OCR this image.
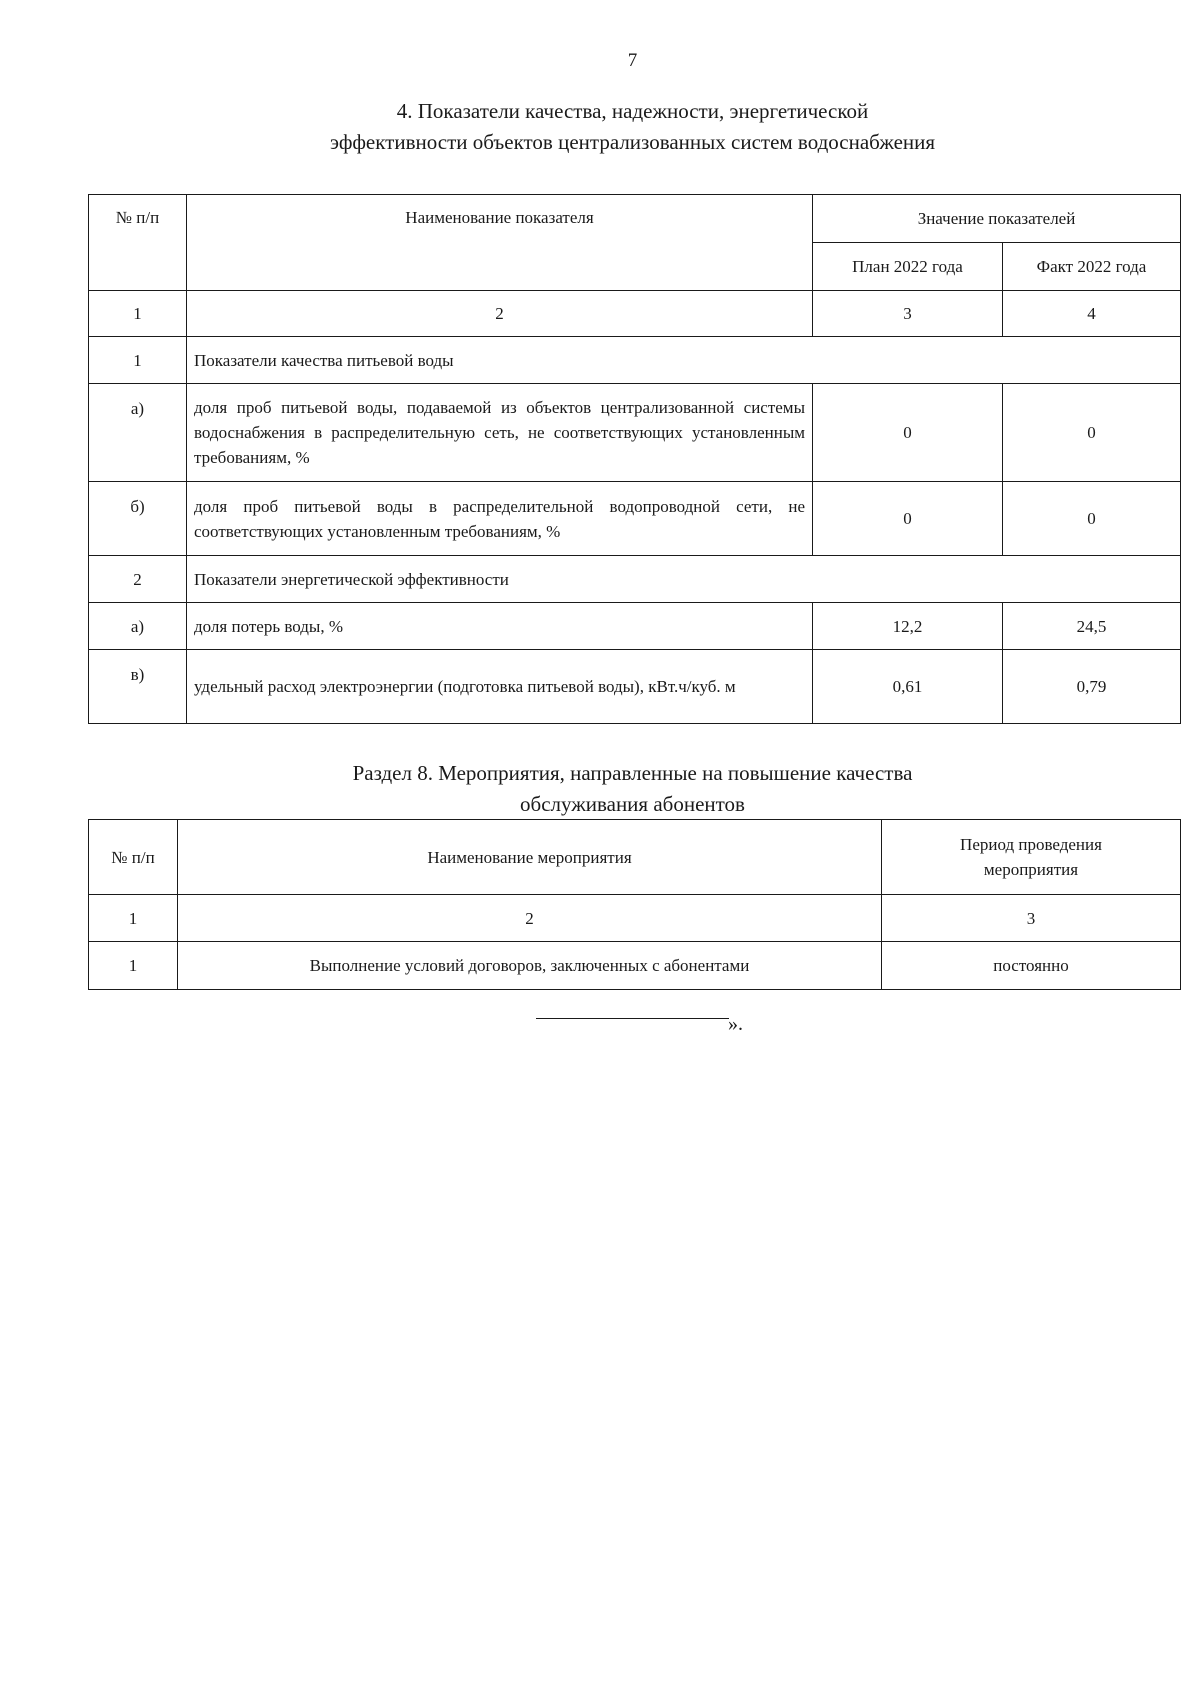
7
4. Показатели качества, надежности, энергетической
эффективности объектов централизованных систем водоснабжения
№ п/п	Наименование показателя	Значение показателей	
		План 2022 года	Факт 2022 года
1	2	3	4
1	Показатели качества питьевой воды		
а)	доля проб питьевой воды, подаваемой из объектов централизованной системы водоснабжения в распределительную сеть, не соответствующих установленным требованиям, %	0	0
б)	доля проб питьевой воды в распределительной водопроводной сети, не соответствующих установленным требованиям, %	0	0
2	Показатели энергетической эффективности		
а)	доля потерь воды, %	12,2	24,5
в)	удельный расход электроэнергии (подготовка питьевой воды), кВт.ч/куб. м	0,61	0,79
Раздел 8. Мероприятия, направленные на повышение качества
обслуживания абонентов
№ п/п	Наименование мероприятия	Период проведения мероприятия
1	2	3
1	Выполнение условий договоров, заключенных с абонентами	постоянно
».
